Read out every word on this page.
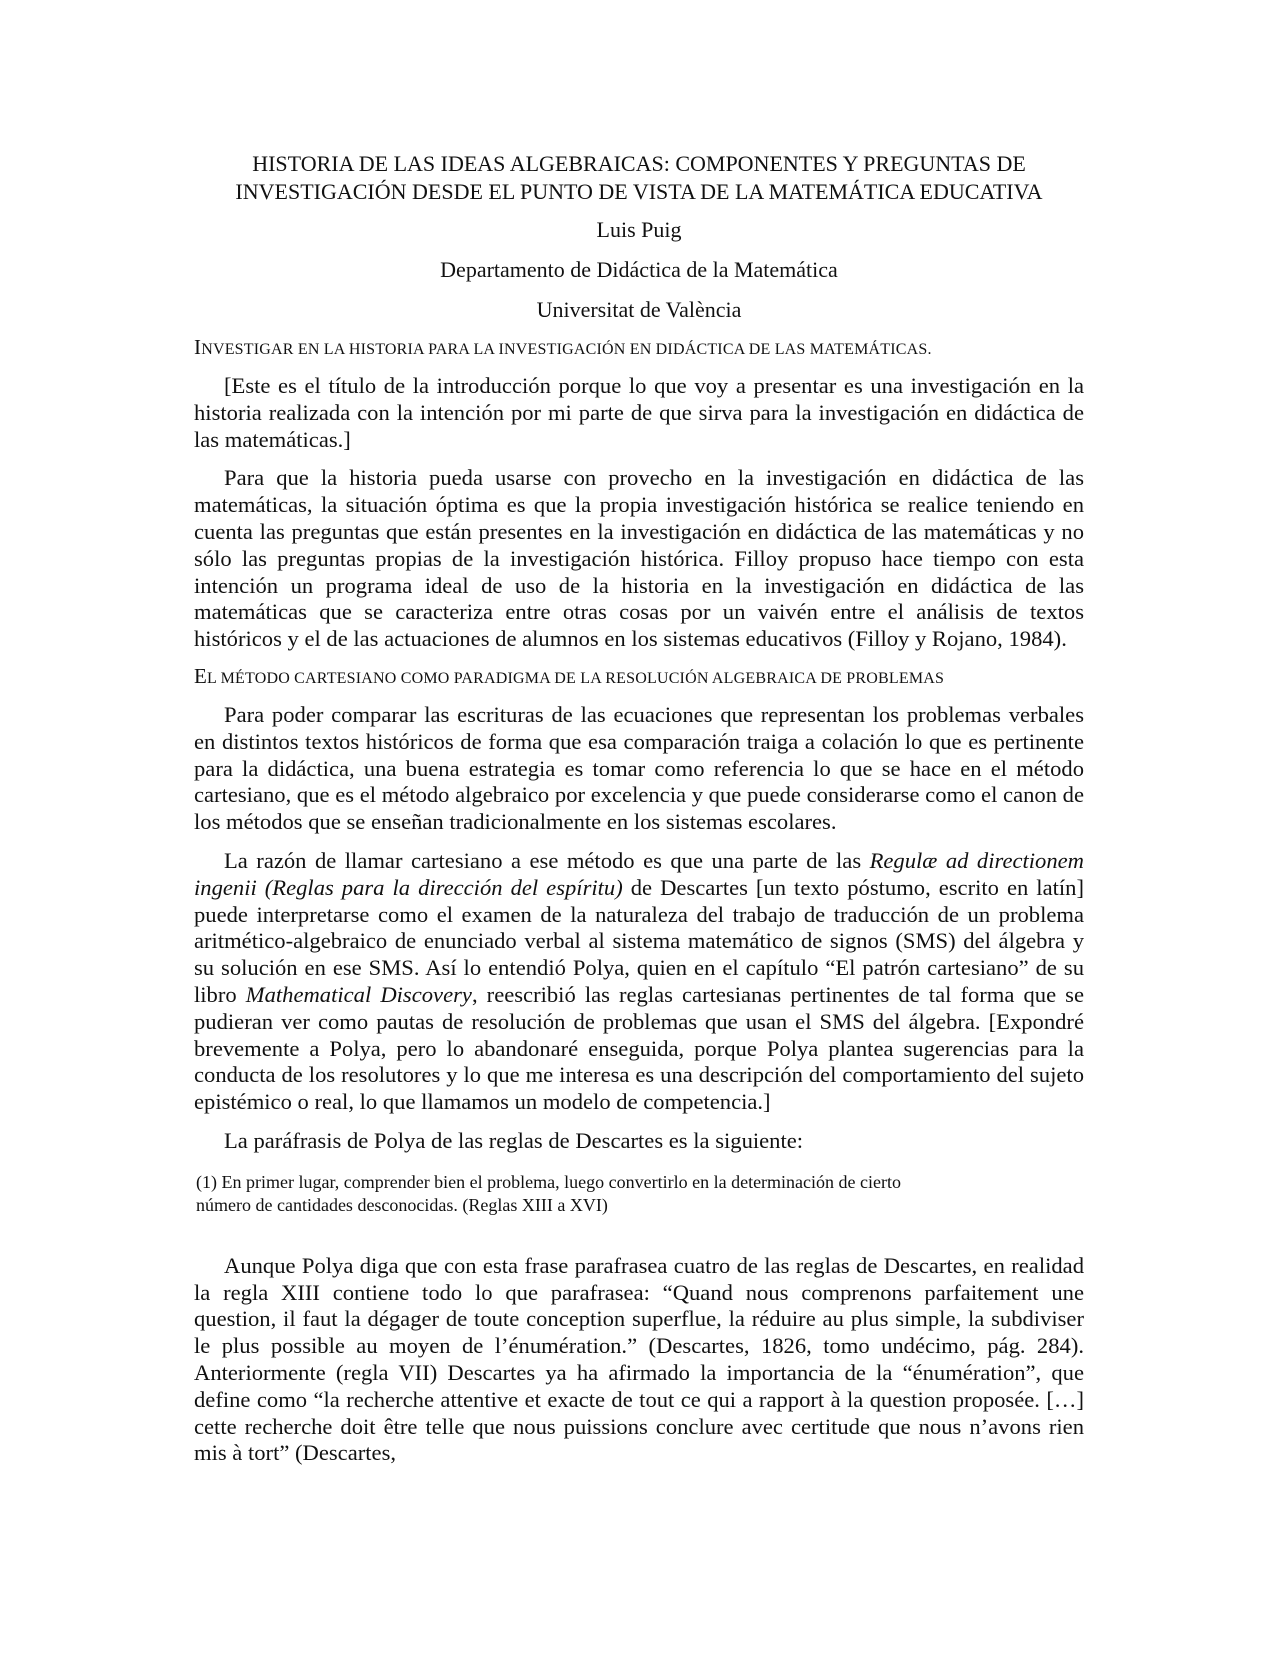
HISTORIA DE LAS IDEAS ALGEBRAICAS: COMPONENTES Y PREGUNTAS DE
INVESTIGACIÓN DESDE EL PUNTO DE VISTA DE LA MATEMÁTICA EDUCATIVA
Luis Puig
Departamento de Didáctica de la Matemática
Universitat de València
INVESTIGAR EN LA HISTORIA PARA LA INVESTIGACIÓN EN DIDÁCTICA DE LAS MATEMÁTICAS.

[Este es el título de la introducción porque lo que voy a presentar es una investigación en la historia realizada con la intención por mi parte de que sirva para la investigación en didáctica de las matemáticas.]

Para que la historia pueda usarse con provecho en la investigación en didáctica de las matemáticas, la situación óptima es que la propia investigación histórica se realice teniendo en cuenta las preguntas que están presentes en la investigación en didáctica de las matemáticas y no sólo las preguntas propias de la investigación histórica. Filloy propuso hace tiempo con esta intención un programa ideal de uso de la historia en la investigación en didáctica de las matemáticas que se caracteriza entre otras cosas por un vaivén entre el análisis de textos históricos y el de las actuaciones de alumnos en los sistemas educativos (Filloy y Rojano, 1984).

EL MÉTODO CARTESIANO COMO PARADIGMA DE LA RESOLUCIÓN ALGEBRAICA DE PROBLEMAS

Para poder comparar las escrituras de las ecuaciones que representan los problemas verbales en distintos textos históricos de forma que esa comparación traiga a colación lo que es pertinente para la didáctica, una buena estrategia es tomar como referencia lo que se hace en el método cartesiano, que es el método algebraico por excelencia y que puede considerarse como el canon de los métodos que se enseñan tradicionalmente en los sistemas escolares.

La razón de llamar cartesiano a ese método es que una parte de las Regulæ ad directionem ingenii (Reglas para la dirección del espíritu) de Descartes [un texto póstumo, escrito en latín] puede interpretarse como el examen de la naturaleza del trabajo de traducción de un problema aritmético-algebraico de enunciado verbal al sistema matemático de signos (SMS) del álgebra y su solución en ese SMS. Así lo entendió Polya, quien en el capítulo “El patrón cartesiano” de su libro Mathematical Discovery, reescribió las reglas cartesianas pertinentes de tal forma que se pudieran ver como pautas de resolución de problemas que usan el SMS del álgebra. [Expondré brevemente a Polya, pero lo abandonaré enseguida, porque Polya plantea sugerencias para la conducta de los resolutores y lo que me interesa es una descripción del comportamiento del sujeto epistémico o real, lo que llamamos un modelo de competencia.]

La paráfrasis de Polya de las reglas de Descartes es la siguiente:

(1) En primer lugar, comprender bien el problema, luego convertirlo en la determinación de cierto
número de cantidades desconocidas. (Reglas XIII a XVI)

Aunque Polya diga que con esta frase parafrasea cuatro de las reglas de Descartes, en realidad la regla XIII contiene todo lo que parafrasea: “Quand nous comprenons parfaitement une question, il faut la dégager de toute conception superflue, la réduire au plus simple, la subdiviser le plus possible au moyen de l’énumération.” (Descartes, 1826, tomo undécimo, pág. 284). Anteriormente (regla VII) Descartes ya ha afirmado la importancia de la “énumération”, que define como “la recherche attentive et exacte de tout ce qui a rapport à la question proposée. […] cette recherche doit être telle que nous puissions conclure avec certitude que nous n’avons rien mis à tort” (Descartes,
